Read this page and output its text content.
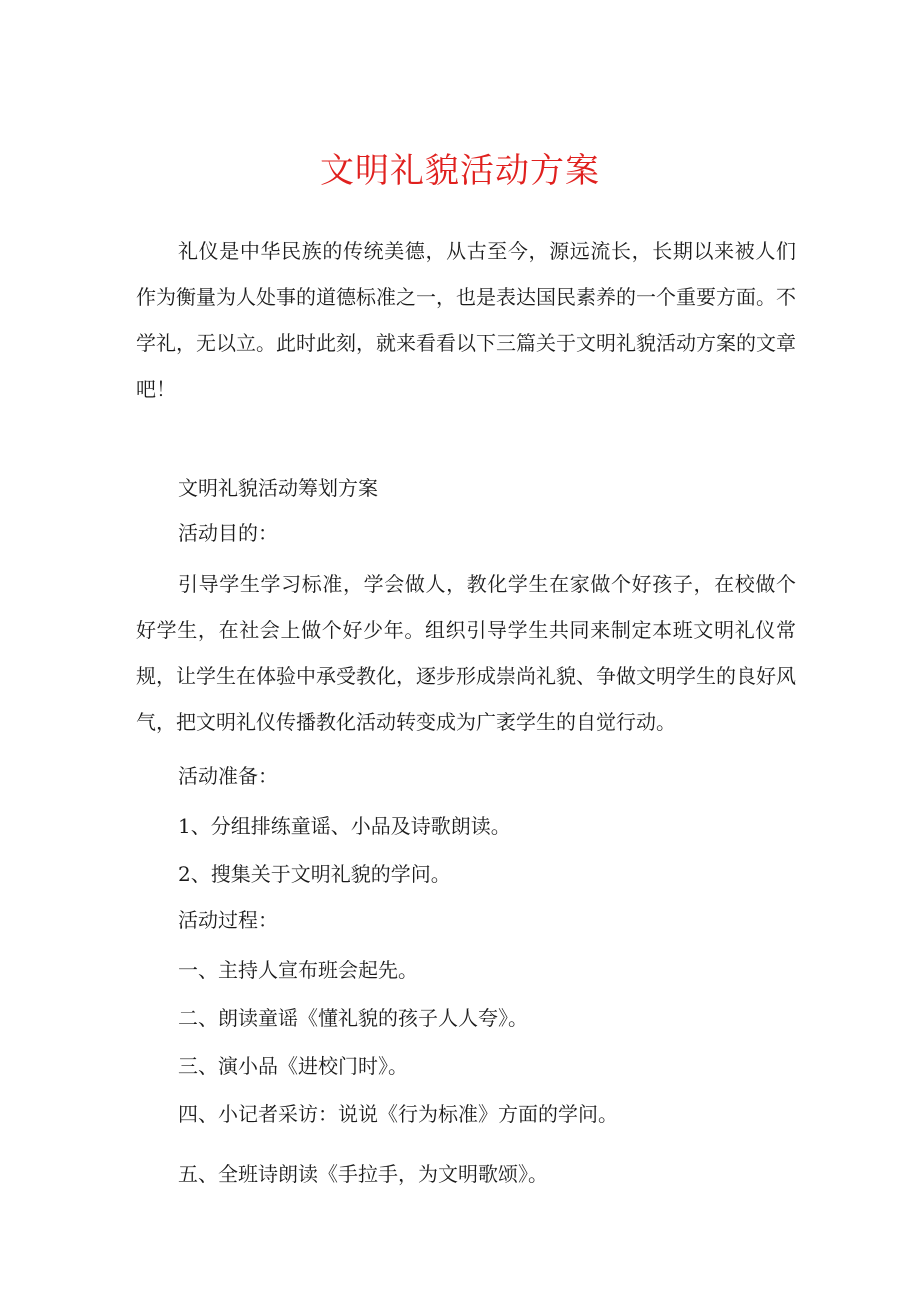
文明礼貌活动方案

礼仪是中华民族的传统美德，从古至今，源远流长，长期以来被人们作为衡量为人处事的道德标准之一，也是表达国民素养的一个重要方面。不学礼，无以立。此时此刻，就来看看以下三篇关于文明礼貌活动方案的文章吧！

文明礼貌活动筹划方案

活动目的：

引导学生学习标准，学会做人，教化学生在家做个好孩子，在校做个好学生，在社会上做个好少年。组织引导学生共同来制定本班文明礼仪常规，让学生在体验中承受教化，逐步形成崇尚礼貌、争做文明学生的良好风气，把文明礼仪传播教化活动转变成为广袤学生的自觉行动。

活动准备：

1、分组排练童谣、小品及诗歌朗读。

2、搜集关于文明礼貌的学问。

活动过程：

一、主持人宣布班会起先。

二、朗读童谣《懂礼貌的孩子人人夸》。

三、演小品《进校门时》。

四、小记者采访：说说《行为标准》方面的学问。

五、全班诗朗读《手拉手，为文明歌颂》。
